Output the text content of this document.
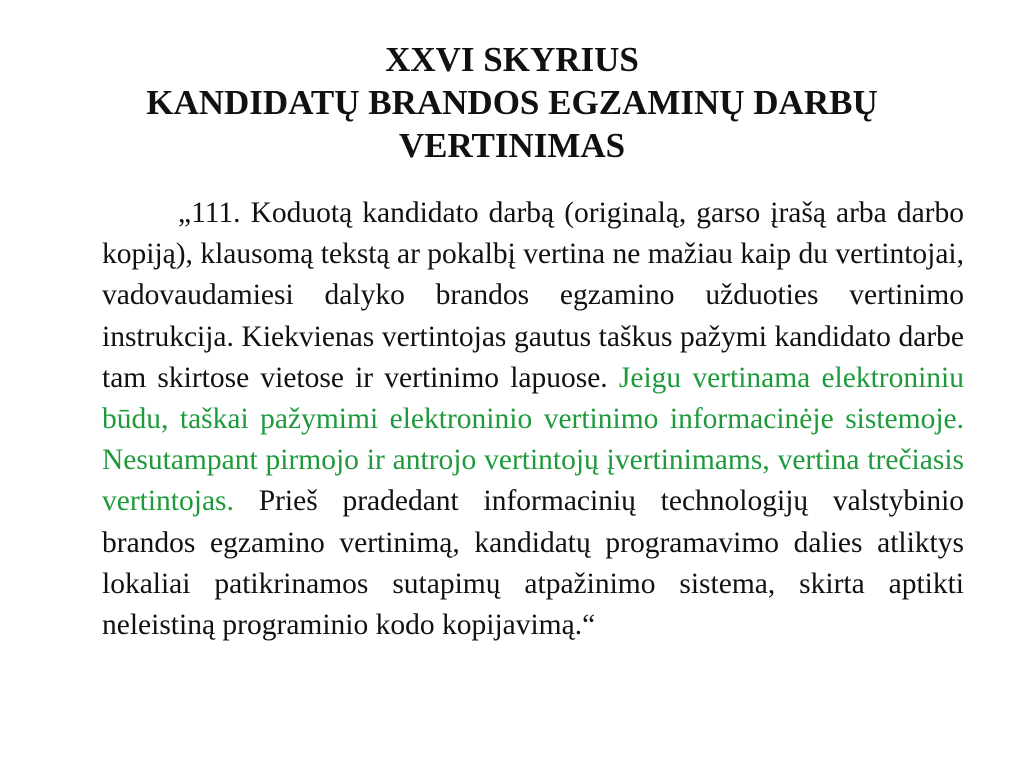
XXVI SKYRIUS
KANDIDATŲ BRANDOS EGZAMINŲ DARBŲ
VERTINIMAS
„111. Koduotą kandidato darbą (originalą, garso įrašą arba darbo kopiją), klausomą tekstą ar pokalbį vertina ne mažiau kaip du vertintojai, vadovaudamiesi dalyko brandos egzamino užduoties vertinimo instrukcija. Kiekvienas vertintojas gautus taškus pažymi kandidato darbe tam skirtose vietose ir vertinimo lapuose. Jeigu vertinama elektroniniu būdu, taškai pažymimi elektroninio vertinimo informacinėje sistemoje. Nesutampant pirmojo ir antrojo vertintojų įvertinimams, vertina trečiasis vertintojas. Prieš pradedant informacinių technologijų valstybinio brandos egzamino vertinimą, kandidatų programavimo dalies atliktys lokaliai patikrinamos sutapimų atpažinimo sistema, skirta aptikti neleistiną programinio kodo kopijavimą.“
